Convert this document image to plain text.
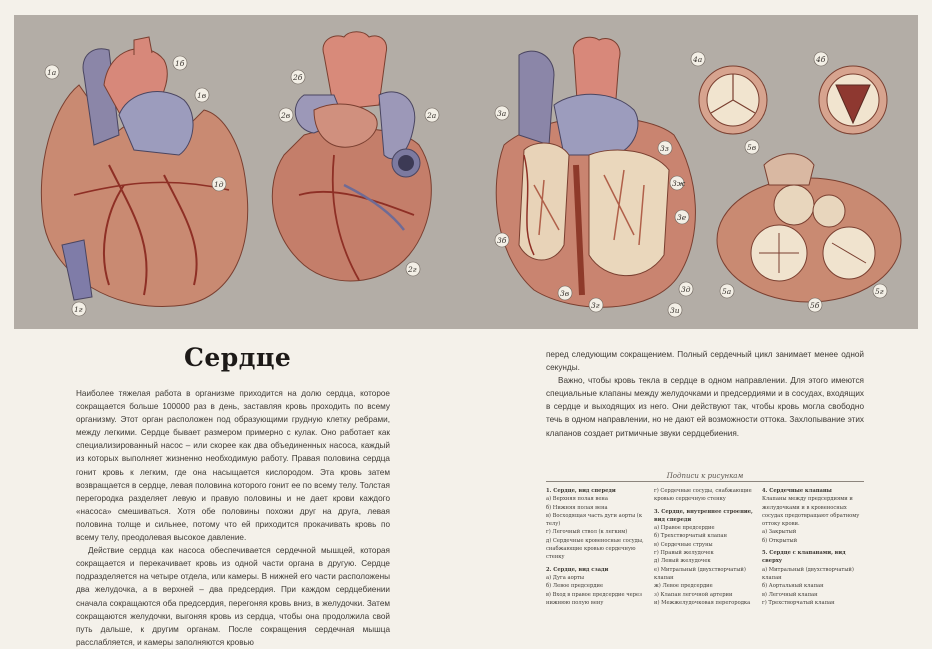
1а
1б
1в
1г
1д
2а
2б
2в
2г
3а
3б
3в
3г
3д
3е
3ж
3з
3и
4а	4б
5а
5б
5в
5г
Сердце

Наиболее тяжелая работа в организме приходится на долю сердца, которое сокращается больше 100000 раз в день, заставляя кровь проходить по всему организму. Этот орган расположен под образующими грудную клетку ребрами, между легкими. Сердце бывает размером примерно с кулак. Оно работает как специализированный насос – или скорее как два объединенных насоса, каждый из которых выполняет жизненно необходимую работу. Правая половина сердца гонит кровь к легким, где она насыщается кислородом. Эта кровь затем возвращается в сердце, левая половина которого гонит ее по всему телу. Толстая перегородка разделяет левую и правую половины и не дает крови каждого «насоса» смешиваться. Хотя обе половины похожи друг на друга, левая половина толще и сильнее, потому что ей приходится прокачивать кровь по всему телу, преодолевая высокое давление.

Действие сердца как насоса обеспечивается сердечной мышцей, которая сокращается и перекачивает кровь из одной части органа в другую. Сердце подразделяется на четыре отдела, или камеры. В нижней его части расположены два желудочка, а в верхней – два предсердия. При каждом сердцебиении сначала сокращаются оба предсердия, перегоняя кровь вниз, в желудочки. Затем сокращаются желудочки, выгоняя кровь из сердца, чтобы она продолжила свой путь дальше, к другим органам. После сокращения сердечная мышца расслабляется, и камеры заполняются кровью

перед следующим сокращением. Полный сердечный цикл занимает менее одной секунды.

Важно, чтобы кровь текла в сердце в одном направлении. Для этого имеются специальные клапаны между желудочками и предсердиями и в сосудах, входящих в сердце и выходящих из него. Они действуют так, чтобы кровь могла свободно течь в одном направлении, но не дают ей возможности оттока. Захлопывание этих клапанов создает ритмичные звуки сердцебиения.

Подписи к рисункам
1. Сердце, вид спереди
а) Верхняя полая вена
б) Нижняя полая вена
в) Восходящая часть дуги аорты (к телу)
г) Легочный ствол (к легким)
д) Сердечные кровеносные сосуды, снабжающие кровью сердечную стенку
2. Сердце, вид сзади
а) Дуга аорты
б) Левое предсердие
в) Вход в правое предсердие через нижнюю полую вену
г) Сердечные сосуды, снабжающие кровью сердечную стенку
3. Сердце, внутреннее строение, вид спереди
а) Правое предсердие
б) Трехстворчатый клапан
в) Сердечные струны
г) Правый желудочек
д) Левый желудочек
е) Митральный (двухстворчатый) клапан
ж) Левое предсердие
з) Клапан легочной артерии
и) Межжелудочковая перегородка
4. Сердечные клапаны
Клапаны между предсердиями и желудочками и в кровеносных сосудах предотвращают обратному оттоку крови.
а) Закрытый
б) Открытый
5. Сердце с клапанами, вид сверху
а) Митральный (двухстворчатый) клапан
б) Аортальный клапан
в) Легочный клапан
г) Трехстворчатый клапан
